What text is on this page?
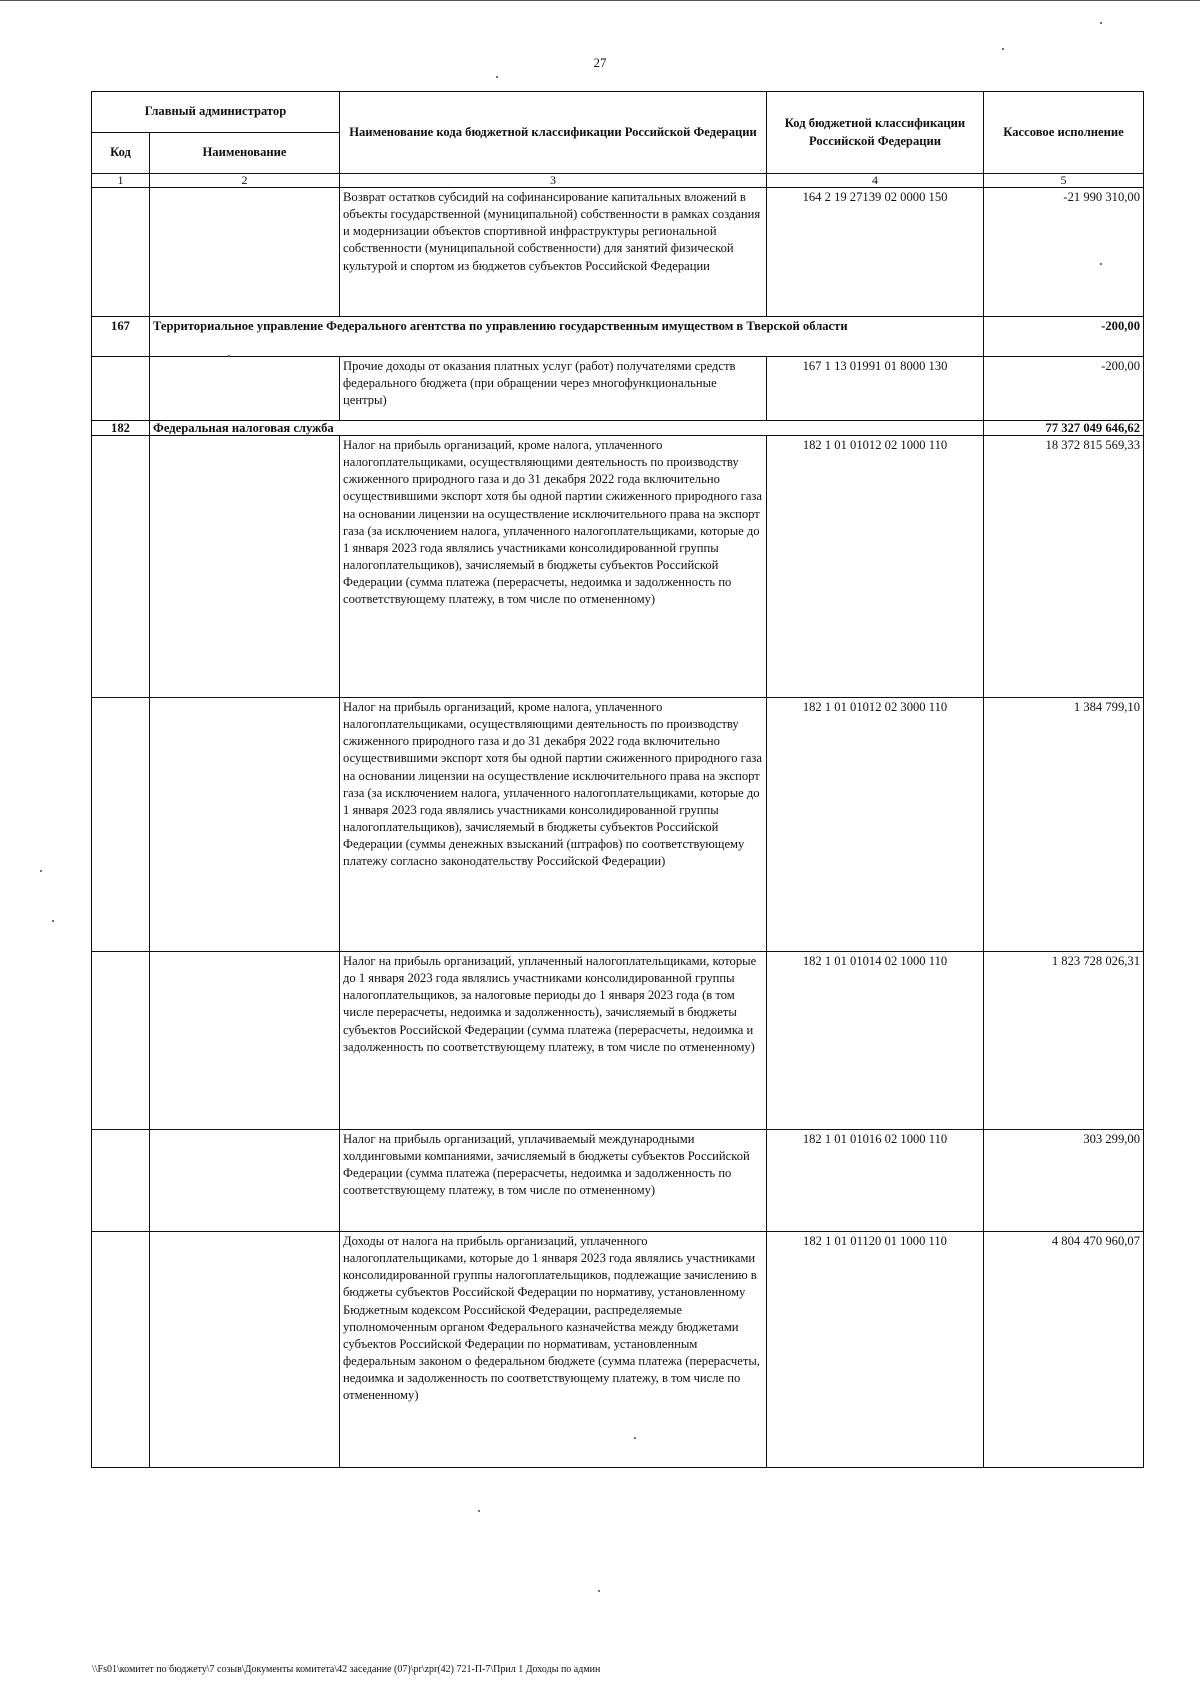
27
Главный администратор		Наименование кода бюджетной классификации Российской Федерации	Код бюджетной классификации Российской Федерации	Кассовое исполнение
Код	Наименование			
1	2	3	4	5
		Возврат остатков субсидий на софинансирование капитальных вложений в объекты государственной (муниципальной) собственности в рамках создания и модернизации объектов спортивной инфраструктуры региональной собственности (муниципальной собственности) для занятий физической культурой и спортом из бюджетов субъектов Российской Федерации	164 2 19 27139 02 0000 150	-21 990 310,00
167	Территориальное управление Федерального агентства по управлению государственным имуществом в Тверской области			-200,00
		Прочие доходы от оказания платных услуг (работ) получателями средств федерального бюджета (при обращении через многофункциональные центры)	167 1 13 01991 01 8000 130	-200,00
182	Федеральная налоговая служба			77 327 049 646,62
		Налог на прибыль организаций, кроме налога, уплаченного налогоплательщиками, осуществляющими деятельность по производству сжиженного природного газа и до 31 декабря 2022 года включительно осуществившими экспорт хотя бы одной партии сжиженного природного газа на основании лицензии на осуществление исключительного права на экспорт газа (за исключением налога, уплаченного налогоплательщиками, которые до 1 января 2023 года являлись участниками консолидированной группы налогоплательщиков), зачисляемый в бюджеты субъектов Российской Федерации (сумма платежа (перерасчеты, недоимка и задолженность по соответствующему платежу, в том числе по отмененному)	182 1 01 01012 02 1000 110	18 372 815 569,33
		Налог на прибыль организаций, кроме налога, уплаченного налогоплательщиками, осуществляющими деятельность по производству сжиженного природного газа и до 31 декабря 2022 года включительно осуществившими экспорт хотя бы одной партии сжиженного природного газа на основании лицензии на осуществление исключительного права на экспорт газа (за исключением налога, уплаченного налогоплательщиками, которые до 1 января 2023 года являлись участниками консолидированной группы налогоплательщиков), зачисляемый в бюджеты субъектов Российской Федерации (суммы денежных взысканий (штрафов) по соответствующему платежу согласно законодательству Российской Федерации)	182 1 01 01012 02 3000 110	1 384 799,10
		Налог на прибыль организаций, уплаченный налогоплательщиками, которые до 1 января 2023 года являлись участниками консолидированной группы налогоплательщиков, за налоговые периоды до 1 января 2023 года (в том числе перерасчеты, недоимка и задолженность), зачисляемый в бюджеты субъектов Российской Федерации (сумма платежа (перерасчеты, недоимка и задолженность по соответствующему платежу, в том числе по отмененному)	182 1 01 01014 02 1000 110	1 823 728 026,31
		Налог на прибыль организаций, уплачиваемый международными холдинговыми компаниями, зачисляемый в бюджеты субъектов Российской Федерации (сумма платежа (перерасчеты, недоимка и задолженность по соответствующему платежу, в том числе по отмененному)	182 1 01 01016 02 1000 110	303 299,00
		Доходы от налога на прибыль организаций, уплаченного налогоплательщиками, которые до 1 января 2023 года являлись участниками консолидированной группы налогоплательщиков, подлежащие зачислению в бюджеты субъектов Российской Федерации по нормативу, установленному Бюджетным кодексом Российской Федерации, распределяемые уполномоченным органом Федерального казначейства между бюджетами субъектов Российской Федерации по нормативам, установленным федеральным законом о федеральном бюджете (сумма платежа (перерасчеты, недоимка и задолженность по соответствующему платежу, в том числе по отмененному)	182 1 01 01120 01 1000 110	4 804 470 960,07
\\Fs01\комитет по бюджету\7 созыв\Документы комитета\42 заседание (07)\pr\zpr(42) 721-П-7\Прил 1 Доходы по админ
